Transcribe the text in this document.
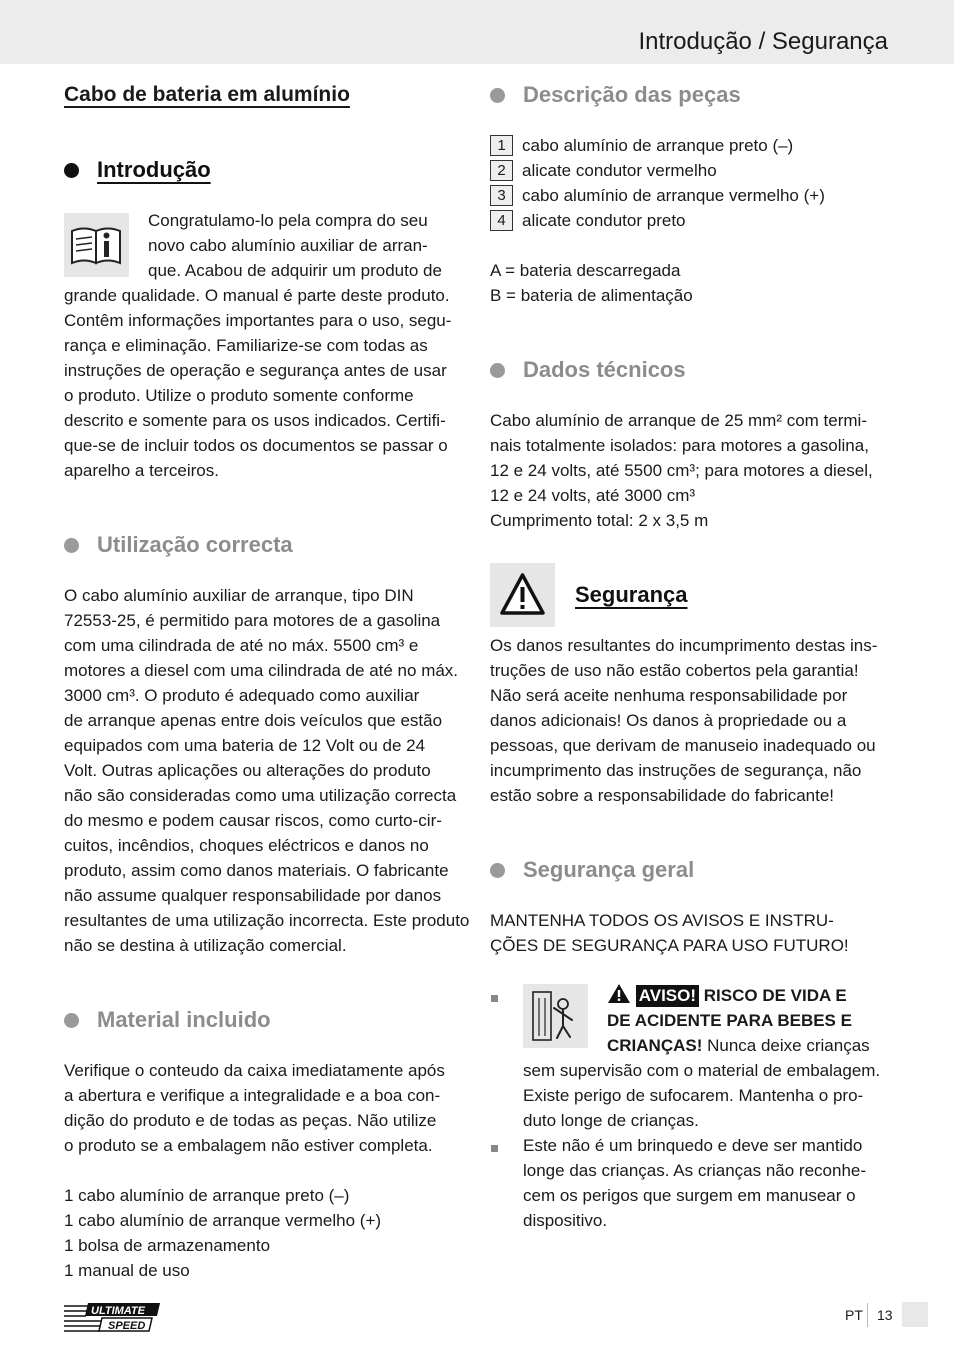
Introdução / Segurança
Cabo de bateria em alumínio
Introdução

Congratulamo-lo pela compra do seu

novo cabo alumínio auxiliar de arran-

que. Acabou de adquirir um produto de

grande qualidade. O manual é parte deste produto.

Contêm informações importantes para o uso, segu-

rança e eliminação. Familiarize-se com todas as

instruções de operação e segurança antes de usar

o produto. Utilize o produto somente conforme

descrito e somente para os usos indicados. Certifi-

que-se de incluir todos os documentos se passar o

aparelho a terceiros.

Utilização correcta

O cabo alumínio auxiliar de arranque, tipo DIN

72553-25, é permitido para motores de a gasolina

com uma cilindrada de até no máx. 5500 cm³ e

motores a diesel com uma cilindrada de até no máx.

3000 cm³. O produto é adequado como auxiliar

de arranque apenas entre dois veículos que estão

equipados com uma bateria de 12 Volt ou de 24

Volt. Outras aplicações ou alterações do produto

não são consideradas como uma utilização correcta

do mesmo e podem causar riscos, como curto-cir-

cuitos, incêndios, choques eléctricos e danos no

produto, assim como danos materiais. O fabricante

não assume qualquer responsabilidade por danos

resultantes de uma utilização incorrecta. Este produto

não se destina à utilização comercial.

Material incluido

Verifique o conteudo da caixa imediatamente após

a abertura e verifique a integralidade e a boa con-

dição do produto e de todas as peças. Não utilize

o produto se a embalagem não estiver completa.

1 cabo alumínio de arranque preto (–)

1 cabo alumínio de arranque vermelho (+)

1 bolsa de armazenamento

1 manual de uso

Descrição das peças
1 cabo alumínio de arranque preto (–)
2 alicate condutor vermelho
3 cabo alumínio de arranque vermelho (+)
4 alicate condutor preto

A = bateria descarregada

B = bateria de alimentação

Dados técnicos

Cabo alumínio de arranque de 25 mm² com termi-

nais totalmente isolados: para motores a gasolina,

12 e 24 volts, até 5500 cm³; para motores a diesel,

12 e 24 volts, até 3000 cm³

Cumprimento total: 2 x 3,5 m

Segurança

Os danos resultantes do incumprimento destas ins-

truções de uso não estão cobertos pela garantia!

Não será aceite nenhuma responsabilidade por

danos adicionais! Os danos à propriedade ou a

pessoas, que derivam de manuseio inadequado ou

incumprimento das instruções de segurança, não

estão sobre a responsabilidade do fabricante!

Segurança geral

MANTENHA TODOS OS AVISOS E INSTRU-

ÇÕES DE SEGURANÇA PARA USO FUTURO!

AVISO! RISCO DE VIDA E

DE ACIDENTE PARA BEBES E

CRIANÇAS! Nunca deixe crianças

sem supervisão com o material de embalagem.

Existe perigo de sufocarem. Mantenha o pro-

duto longe de crianças.

Este não é um brinquedo e deve ser mantido

longe das crianças. As crianças não reconhe-

cem os perigos que surgem em manusear o

dispositivo.

ULTIMATE
SPEED
PT 13
